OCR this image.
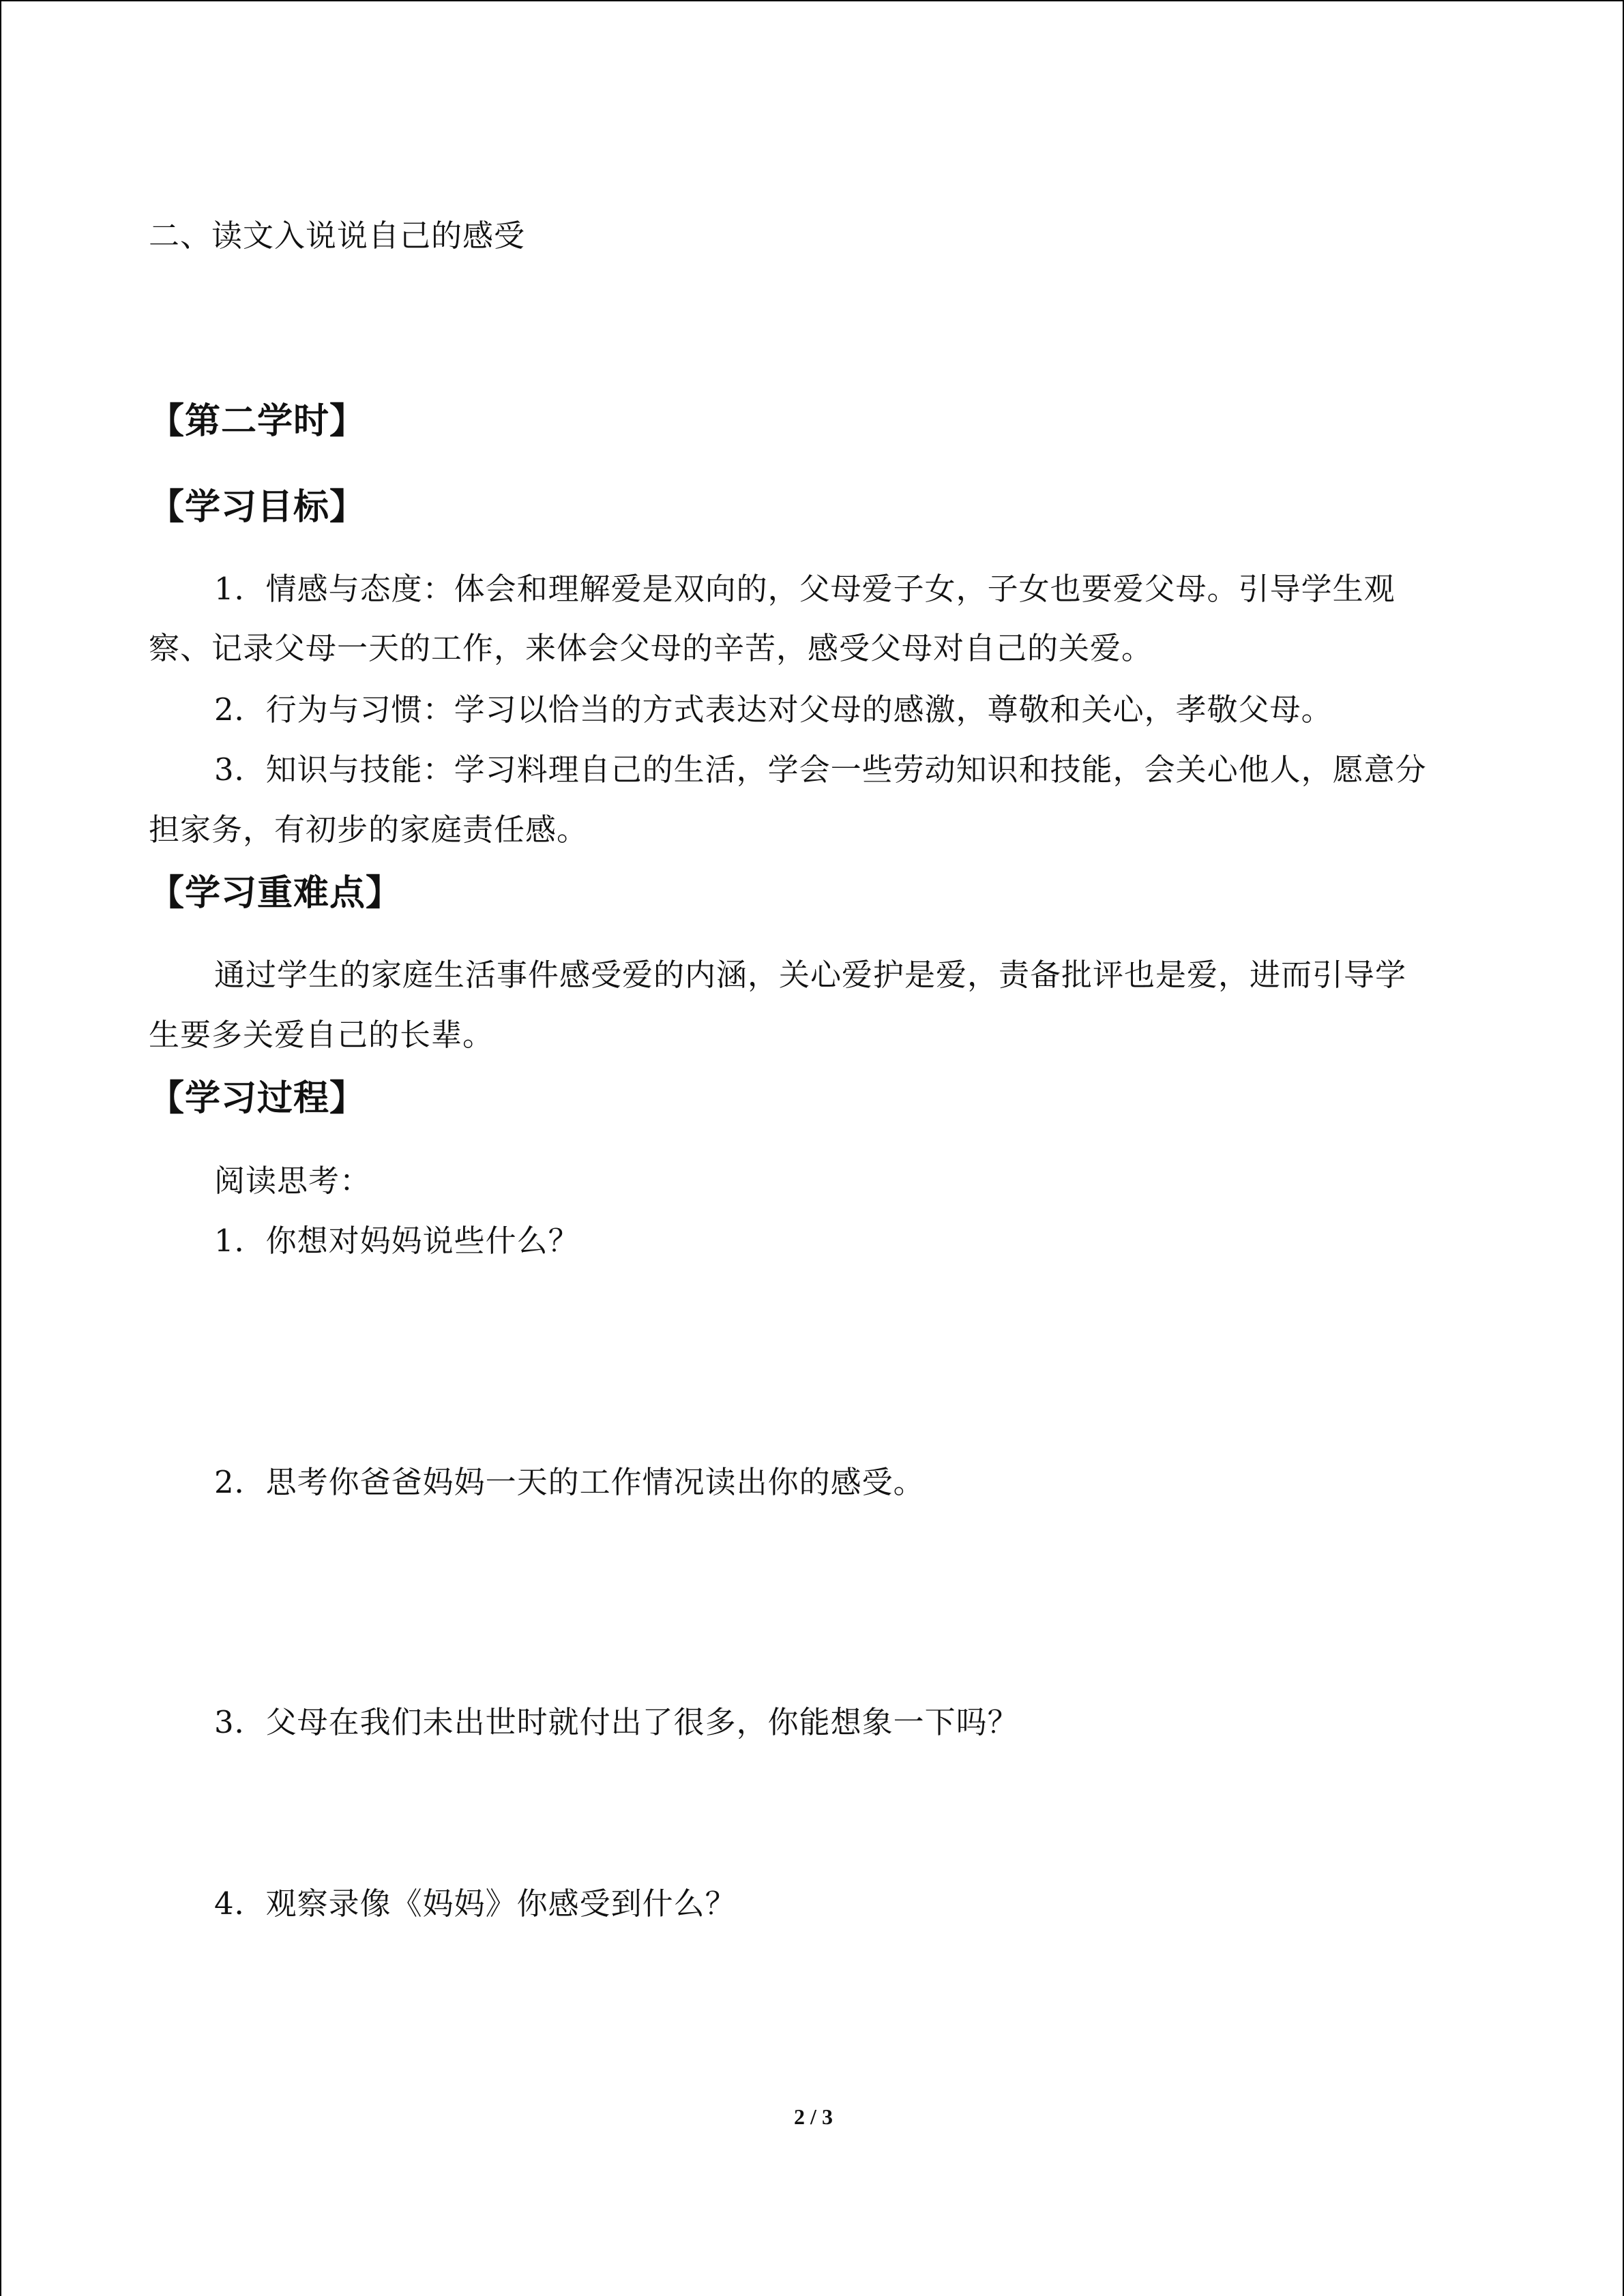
二、读文入说说自己的感受
【第二学时】
【学习目标】
1．情感与态度：体会和理解爱是双向的，父母爱子女，子女也要爱父母。引导学生观
察、记录父母一天的工作，来体会父母的辛苦，感受父母对自己的关爱。
2．行为与习惯：学习以恰当的方式表达对父母的感激，尊敬和关心，孝敬父母。
3．知识与技能：学习料理自己的生活，学会一些劳动知识和技能，会关心他人，愿意分
担家务，有初步的家庭责任感。
【学习重难点】
通过学生的家庭生活事件感受爱的内涵，关心爱护是爱，责备批评也是爱，进而引导学
生要多关爱自己的长辈。
【学习过程】
阅读思考：
1．你想对妈妈说些什么？
2．思考你爸爸妈妈一天的工作情况读出你的感受。
3．父母在我们未出世时就付出了很多，你能想象一下吗？
4．观察录像《妈妈》你感受到什么？
2 / 3
